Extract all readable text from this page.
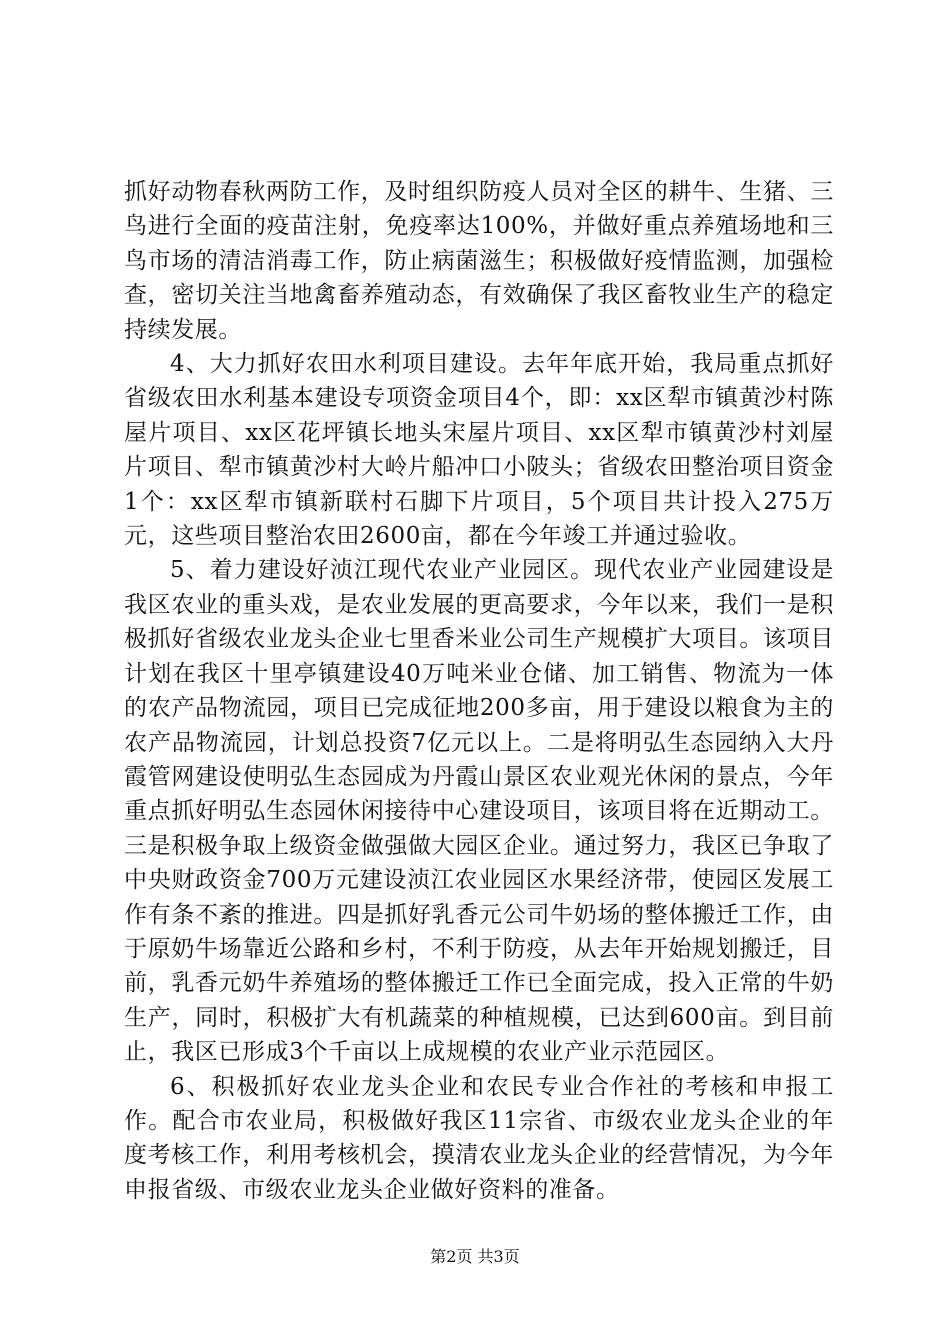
抓好动物春秋两防工作，及时组织防疫人员对全区的耕牛、生猪、三鸟进行全面的疫苗注射，免疫率达100%，并做好重点养殖场地和三鸟市场的清洁消毒工作，防止病菌滋生；积极做好疫情监测，加强检查，密切关注当地禽畜养殖动态，有效确保了我区畜牧业生产的稳定持续发展。

4、大力抓好农田水利项目建设。去年年底开始，我局重点抓好省级农田水利基本建设专项资金项目4个，即：xx区犁市镇黄沙村陈屋片项目、xx区花坪镇长地头宋屋片项目、xx区犁市镇黄沙村刘屋片项目、犁市镇黄沙村大岭片船冲口小陂头；省级农田整治项目资金1个：xx区犁市镇新联村石脚下片项目，5个项目共计投入275万元，这些项目整治农田2600亩，都在今年竣工并通过验收。

5、着力建设好浈江现代农业产业园区。现代农业产业园建设是我区农业的重头戏，是农业发展的更高要求，今年以来，我们一是积极抓好省级农业龙头企业七里香米业公司生产规模扩大项目。该项目计划在我区十里亭镇建设40万吨米业仓储、加工销售、物流为一体的农产品物流园，项目已完成征地200多亩，用于建设以粮食为主的农产品物流园，计划总投资7亿元以上。二是将明弘生态园纳入大丹霞管网建设使明弘生态园成为丹霞山景区农业观光休闲的景点，今年重点抓好明弘生态园休闲接待中心建设项目，该项目将在近期动工。三是积极争取上级资金做强做大园区企业。通过努力，我区已争取了中央财政资金700万元建设浈江农业园区水果经济带，使园区发展工作有条不紊的推进。四是抓好乳香元公司牛奶场的整体搬迁工作，由于原奶牛场靠近公路和乡村，不利于防疫，从去年开始规划搬迁，目前，乳香元奶牛养殖场的整体搬迁工作已全面完成，投入正常的牛奶生产，同时，积极扩大有机蔬菜的种植规模，已达到600亩。到目前止，我区已形成3个千亩以上成规模的农业产业示范园区。

6、积极抓好农业龙头企业和农民专业合作社的考核和申报工作。配合市农业局，积极做好我区11宗省、市级农业龙头企业的年度考核工作，利用考核机会，摸清农业龙头企业的经营情况，为今年申报省级、市级农业龙头企业做好资料的准备。

第2页 共3页
